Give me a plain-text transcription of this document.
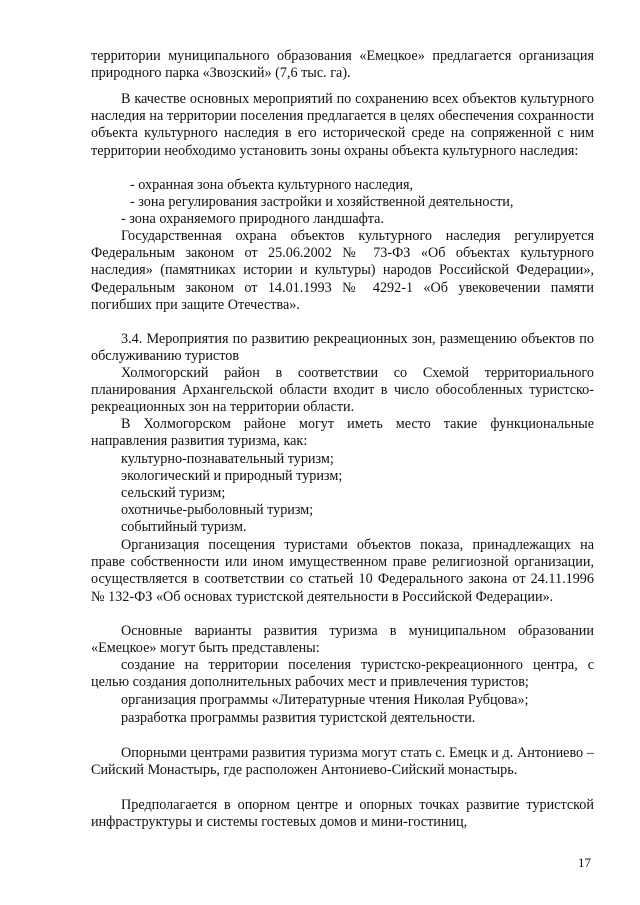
территории муниципального образования «Емецкое» предлагается организация природного парка «Звозский» (7,6 тыс. га).

В качестве основных мероприятий по сохранению всех объектов культурного наследия на территории поселения предлагается в целях обеспечения сохранности объекта культурного наследия в его исторической среде на сопряженной с ним территории необходимо установить зоны охраны объекта культурного наследия:

- охранная зона объекта культурного наследия,

- зона регулирования застройки и хозяйственной деятельности,

- зона охраняемого природного ландшафта.

Государственная охрана объектов культурного наследия регулируется Федеральным законом от 25.06.2002 № 73-ФЗ «Об объектах культурного наследия» (памятниках истории и культуры) народов Российской Федерации», Федеральным законом от 14.01.1993 № 4292-1 «Об увековечении памяти погибших при защите Отечества».

3.4. Мероприятия по развитию рекреационных зон, размещению объектов по обслуживанию туристов

Холмогорский район в соответствии со Схемой территориального планирования Архангельской области входит в число обособленных туристско-рекреационных зон на территории области.

В Холмогорском районе могут иметь место такие функциональные направления развития туризма, как:

культурно-познавательный туризм;

экологический и природный туризм;

сельский туризм;

охотничье-рыболовный туризм;

событийный туризм.

Организация посещения туристами объектов показа, принадлежащих на праве собственности или ином имущественном праве религиозной организации, осуществляется в соответствии со статьей 10 Федерального закона от 24.11.1996 № 132-ФЗ «Об основах туристской деятельности в Российской Федерации».

Основные варианты развития туризма в муниципальном образовании «Емецкое» могут быть представлены:

создание на территории поселения туристско-рекреационного центра, с целью создания дополнительных рабочих мест и привлечения туристов;

организация программы «Литературные чтения Николая Рубцова»;

разработка программы развития туристской деятельности.

Опорными центрами развития туризма могут стать с. Емецк и д. Антониево – Сийский Монастырь, где расположен Антониево-Сийский монастырь.

Предполагается в опорном центре и опорных точках развитие туристской инфраструктуры и системы гостевых домов и мини-гостиниц,

17
